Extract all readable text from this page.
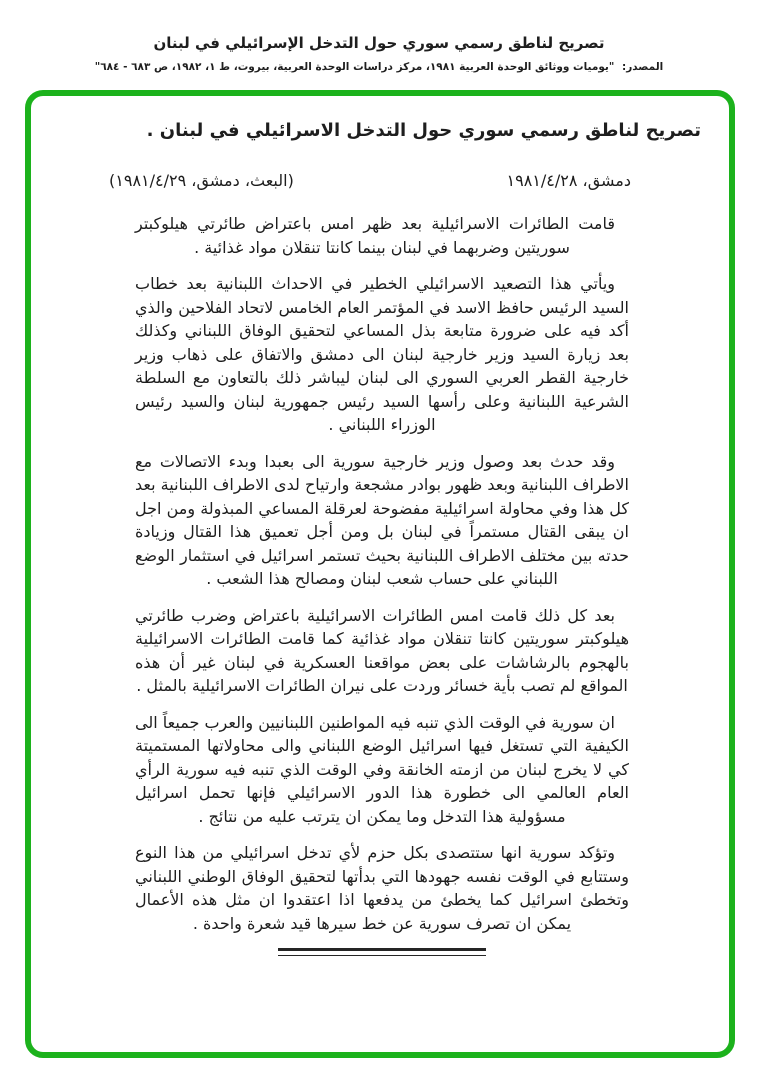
تصريح لناطق رسمي سوري حول التدخل الإسرائيلي في لبنان

المصدر: "يوميات ووثائق الوحدة العربية ١٩٨١، مركز دراسات الوحدة العربية، بيروت، ط ١، ١٩٨٢، ص ٦٨٣ - ٦٨٤"

تصريح لناطق رسمي سوري حول التدخل الاسرائيلي في لبنان .
دمشق، ١٩٨١/٤/٢٨
(البعث، دمشق، ١٩٨١/٤/٢٩)

قامت الطائرات الاسرائيلية بعد ظهر امس باعتراض طائرتي هيلوكبتر سوريتين وضربهما في لبنان بينما كانتا تنقلان مواد غذائية .

ويأتي هذا التصعيد الاسرائيلي الخطير في الاحداث اللبنانية بعد خطاب السيد الرئيس حافظ الاسد في المؤتمر العام الخامس لاتحاد الفلاحين والذي أكد فيه على ضرورة متابعة بذل المساعي لتحقيق الوفاق اللبناني وكذلك بعد زيارة السيد وزير خارجية لبنان الى دمشق والاتفاق على ذهاب وزير خارجية القطر العربي السوري الى لبنان ليباشر ذلك بالتعاون مع السلطة الشرعية اللبنانية وعلى رأسها السيد رئيس جمهورية لبنان والسيد رئيس الوزراء اللبناني .

وقد حدث بعد وصول وزير خارجية سورية الى بعبدا وبدء الاتصالات مع الاطراف اللبنانية وبعد ظهور بوادر مشجعة وارتياح لدى الاطراف اللبنانية بعد كل هذا وفي محاولة اسرائيلية مفضوحة لعرقلة المساعي المبذولة ومن اجل ان يبقى القتال مستمراً في لبنان بل ومن أجل تعميق هذا القتال وزيادة حدته بين مختلف الاطراف اللبنانية بحيث تستمر اسرائيل في استثمار الوضع اللبناني على حساب شعب لبنان ومصالح هذا الشعب .

بعد كل ذلك قامت امس الطائرات الاسرائيلية باعتراض وضرب طائرتي هيلوكبتر سوريتين كانتا تنقلان مواد غذائية كما قامت الطائرات الاسرائيلية بالهجوم بالرشاشات على بعض مواقعنا العسكرية في لبنان غير أن هذه المواقع لم تصب بأية خسائر وردت على نيران الطائرات الاسرائيلية بالمثل .

ان سورية في الوقت الذي تنبه فيه المواطنين اللبنانيين والعرب جميعاً الى الكيفية التي تستغل فيها اسرائيل الوضع اللبناني والى محاولاتها المستميتة كي لا يخرج لبنان من ازمته الخانقة وفي الوقت الذي تنبه فيه سورية الرأي العام العالمي الى خطورة هذا الدور الاسرائيلي فإنها تحمل اسرائيل مسؤولية هذا التدخل وما يمكن ان يترتب عليه من نتائج .

وتؤكد سورية انها ستتصدى بكل حزم لأي تدخل اسرائيلي من هذا النوع وستتابع في الوقت نفسه جهودها التي بدأتها لتحقيق الوفاق الوطني اللبناني وتخطئ اسرائيل كما يخطئ من يدفعها اذا اعتقدوا ان مثل هذه الأعمال يمكن ان تصرف سورية عن خط سيرها قيد شعرة واحدة .
